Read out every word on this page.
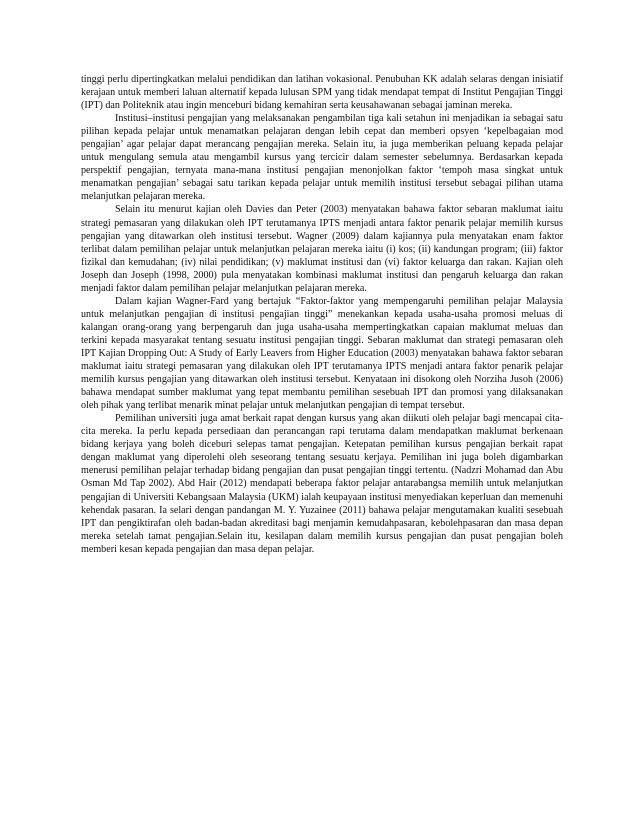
tinggi perlu dipertingkatkan melalui pendidikan dan latihan vokasional. Penubuhan KK adalah selaras dengan inisiatif kerajaan untuk memberi laluan alternatif kepada lulusan SPM yang tidak mendapat tempat di Institut Pengajian Tinggi (IPT) dan Politeknik atau ingin menceburi bidang kemahiran serta keusahawanan sebagai jaminan mereka.

Institusi–institusi pengajian yang melaksanakan pengambilan tiga kali setahun ini menjadikan ia sebagai satu pilihan kepada pelajar untuk menamatkan pelajaran dengan lebih cepat dan memberi opsyen ‘kepelbagaian mod pengajian’ agar pelajar dapat merancang pengajian mereka. Selain itu, ia juga memberikan peluang kepada pelajar untuk mengulang semula atau mengambil kursus yang tercicir dalam semester sebelumnya. Berdasarkan kepada perspektif pengajian, ternyata mana-mana institusi pengajian menonjolkan faktor ‘tempoh masa singkat untuk menamatkan pengajian’ sebagai satu tarikan kepada pelajar untuk memilih institusi tersebut sebagai pilihan utama melanjutkan pelajaran mereka.

Selain itu menurut kajian oleh Davies dan Peter (2003) menyatakan bahawa faktor sebaran maklumat iaitu strategi pemasaran yang dilakukan oleh IPT terutamanya IPTS menjadi antara faktor penarik pelajar memilih kursus pengajian yang ditawarkan oleh institusi tersebut. Wagner (2009) dalam kajiannya pula menyatakan enam faktor terlibat dalam pemilihan pelajar untuk melanjutkan pelajaran mereka iaitu (i) kos; (ii) kandungan program; (iii) faktor fizikal dan kemudahan; (iv) nilai pendidikan; (v) maklumat institusi dan (vi) faktor keluarga dan rakan. Kajian oleh Joseph dan Joseph (1998, 2000) pula menyatakan kombinasi maklumat institusi dan pengaruh keluarga dan rakan menjadi faktor dalam pemilihan pelajar melanjutkan pelajaran mereka.

Dalam kajian Wagner-Fard yang bertajuk “Faktor-faktor yang mempengaruhi pemilihan pelajar Malaysia untuk melanjutkan pengajian di institusi pengajian tinggi” menekankan kepada usaha-usaha promosi meluas di kalangan orang-orang yang berpengaruh dan juga usaha-usaha mempertingkatkan capaian maklumat meluas dan terkini kepada masyarakat tentang sesuatu institusi pengajian tinggi. Sebaran maklumat dan strategi pemasaran oleh IPT Kajian Dropping Out: A Study of Early Leavers from Higher Education (2003) menyatakan bahawa faktor sebaran maklumat iaitu strategi pemasaran yang dilakukan oleh IPT terutamanya IPTS menjadi antara faktor penarik pelajar memilih kursus pengajian yang ditawarkan oleh institusi tersebut. Kenyataan ini disokong oleh Norziha Jusoh (2006) bahawa mendapat sumber maklumat yang tepat membantu pemilihan sesebuah IPT dan promosi yang dilaksanakan oleh pihak yang terlibat menarik minat pelajar untuk melanjutkan pengajian di tempat tersebut.

Pemilihan universiti juga amat berkait rapat dengan kursus yang akan diikuti oleh pelajar bagi mencapai cita-cita mereka. Ia perlu kepada persediaan dan perancangan rapi terutama dalam mendapatkan maklumat berkenaan bidang kerjaya yang boleh diceburi selepas tamat pengajian. Ketepatan pemilihan kursus pengajian berkait rapat dengan maklumat yang diperolehi oleh seseorang tentang sesuatu kerjaya. Pemilihan ini juga boleh digambarkan menerusi pemilihan pelajar terhadap bidang pengajian dan pusat pengajian tinggi tertentu. (Nadzri Mohamad dan Abu Osman Md Tap 2002). Abd Hair (2012) mendapati beberapa faktor pelajar antarabangsa memilih untuk melanjutkan pengajian di Universiti Kebangsaan Malaysia (UKM) ialah keupayaan institusi menyediakan keperluan dan memenuhi kehendak pasaran. Ia selari dengan pandangan M. Y. Yuzainee (2011) bahawa pelajar mengutamakan kualiti sesebuah IPT dan pengiktirafan oleh badan-badan akreditasi bagi menjamin kemudahpasaran, kebolehpasaran dan masa depan mereka setelah tamat pengajian.Selain itu, kesilapan dalam memilih kursus pengajian dan pusat pengajian boleh memberi kesan kepada pengajian dan masa depan pelajar.
